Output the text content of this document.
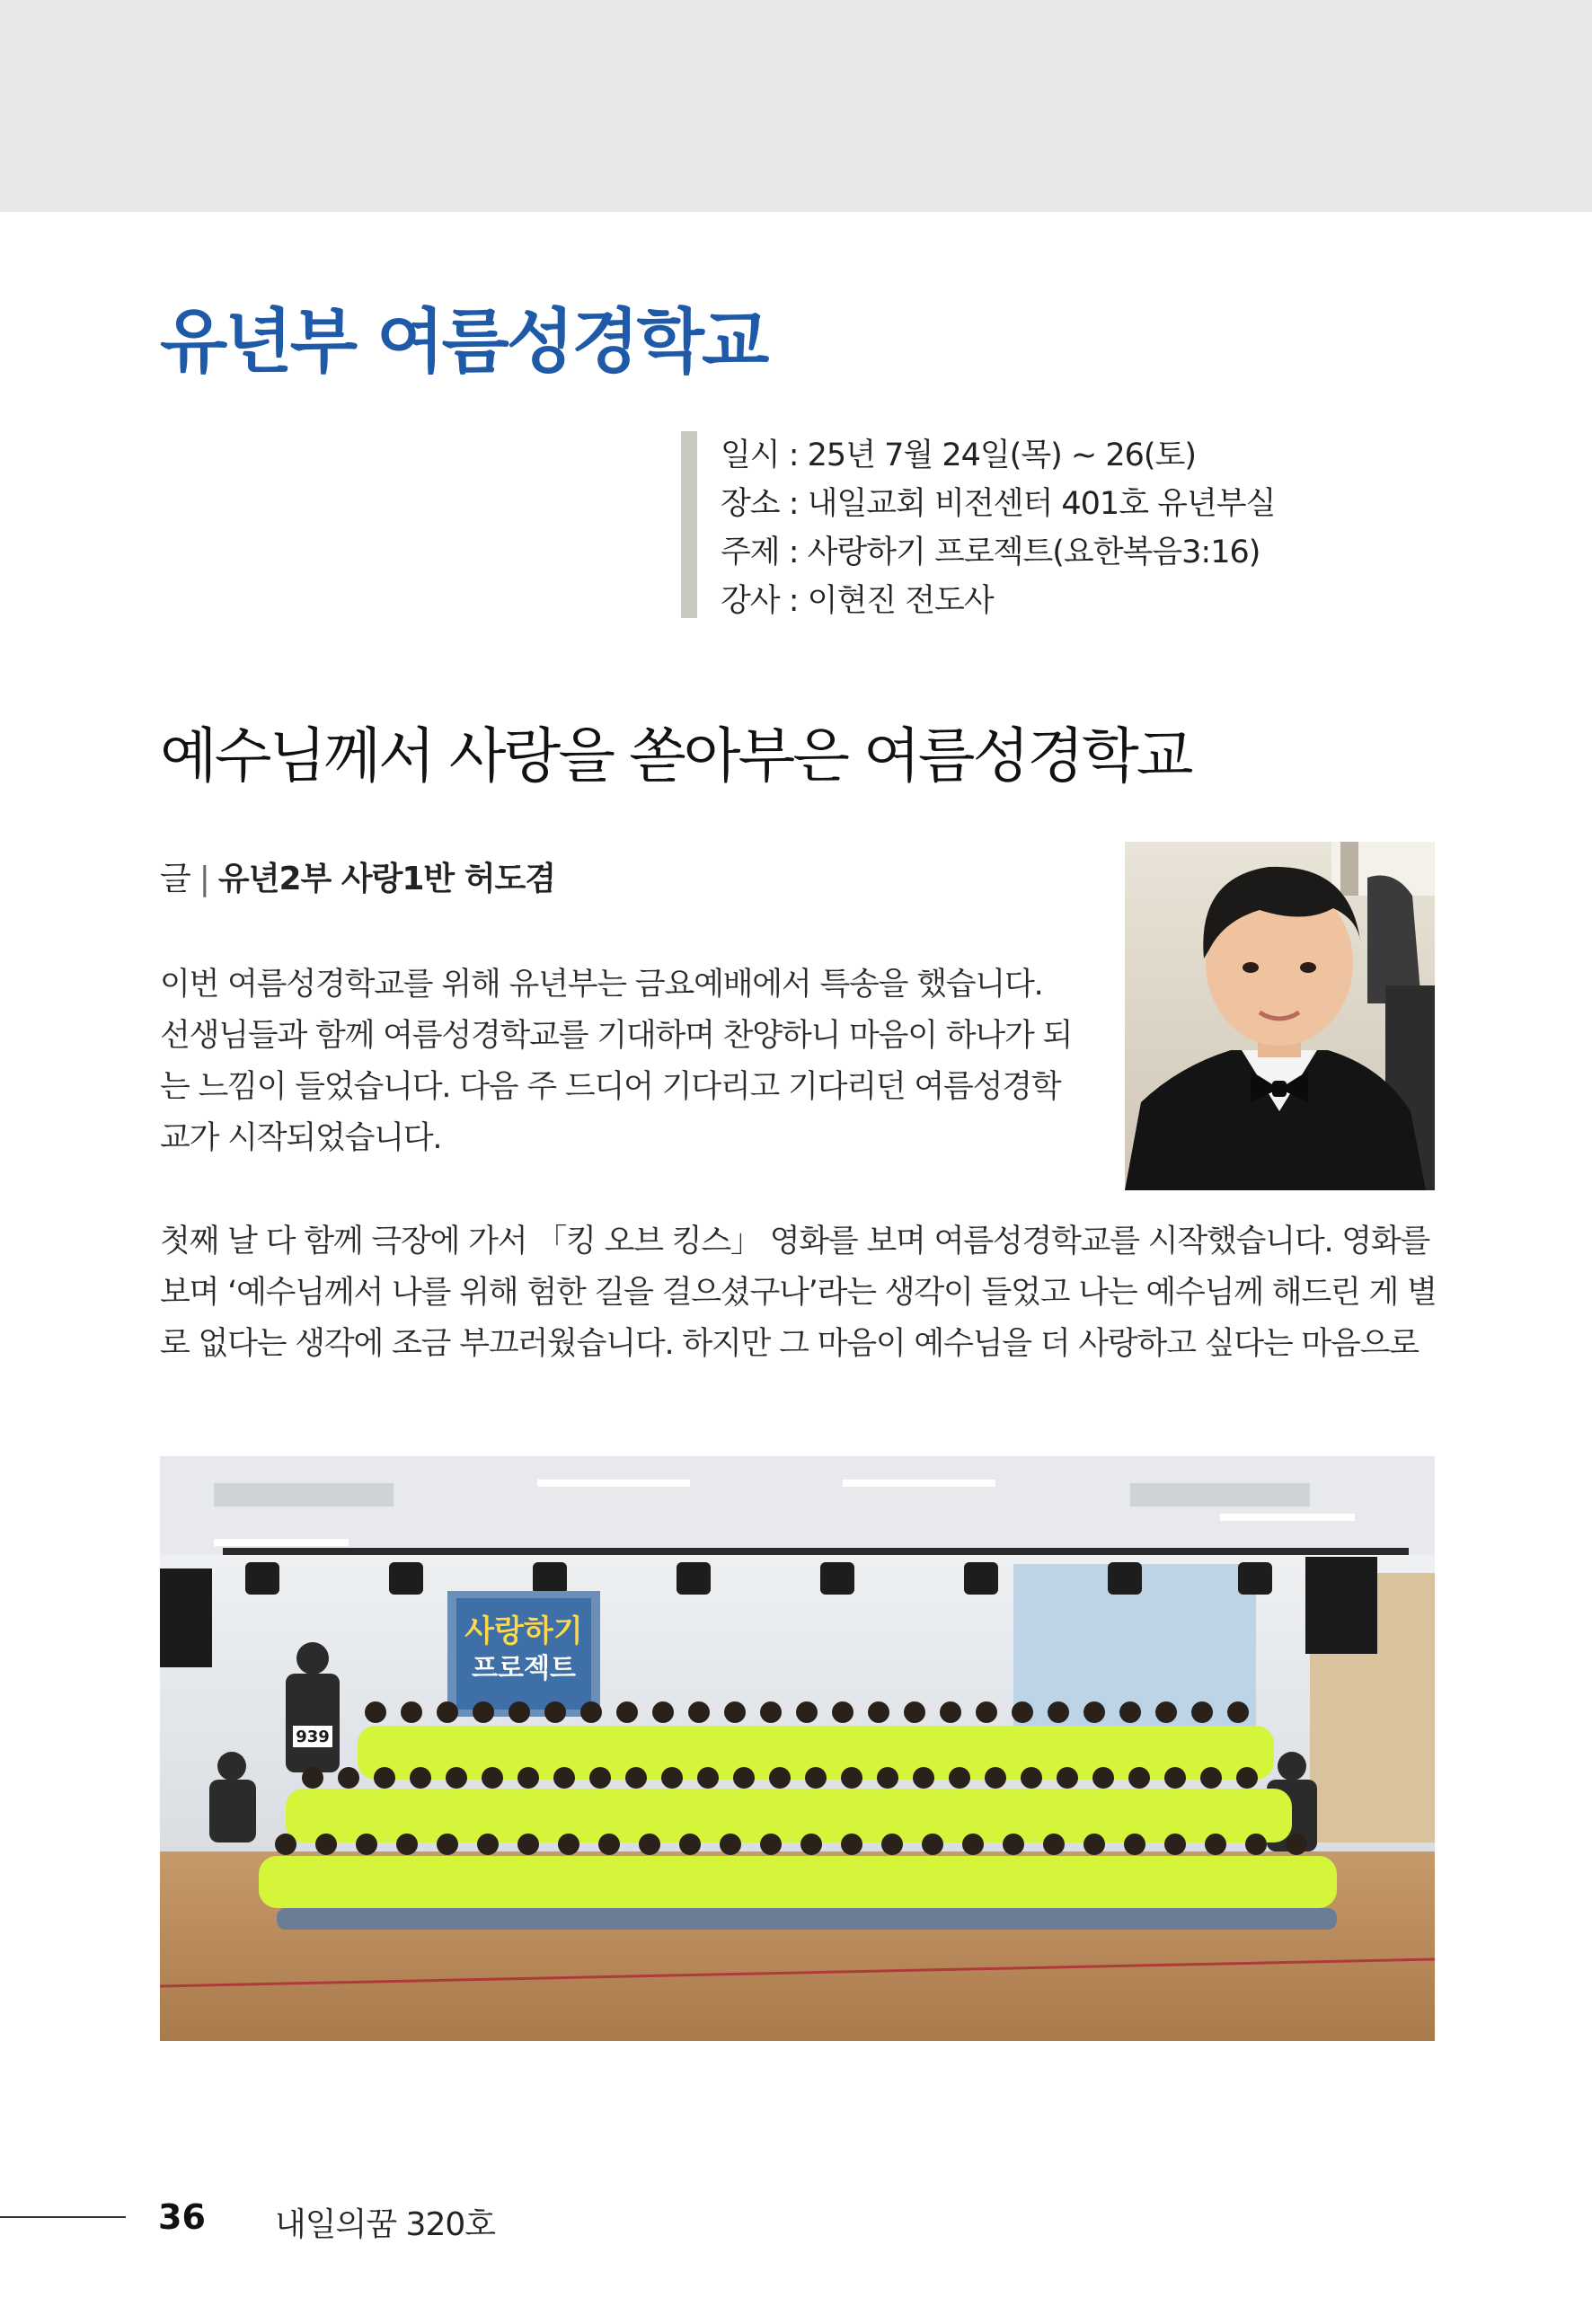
유년부 여름성경학교
일시 : 25년 7월 24일(목) ~ 26(토)
장소 : 내일교회 비전센터 401호 유년부실
주제 : 사랑하기 프로젝트(요한복음3:16)
강사 : 이현진 전도사
예수님께서 사랑을 쏟아부은 여름성경학교
글 | 유년2부 사랑1반 허도겸
이번 여름성경학교를 위해 유년부는 금요예배에서 특송을 했습니다.
선생님들과 함께 여름성경학교를 기대하며 찬양하니 마음이 하나가 되
는 느낌이 들었습니다. 다음 주 드디어 기다리고 기다리던 여름성경학
교가 시작되었습니다.
첫째 날 다 함께 극장에 가서 「킹 오브 킹스」 영화를 보며 여름성경학교를 시작했습니다. 영화를
보며 ‘예수님께서 나를 위해 험한 길을 걸으셨구나’라는 생각이 들었고 나는 예수님께 해드린 게 별
로 없다는 생각에 조금 부끄러웠습니다. 하지만 그 마음이 예수님을 더 사랑하고 싶다는 마음으로
사랑하기
프로젝트
939
36 내일의꿈 320호
